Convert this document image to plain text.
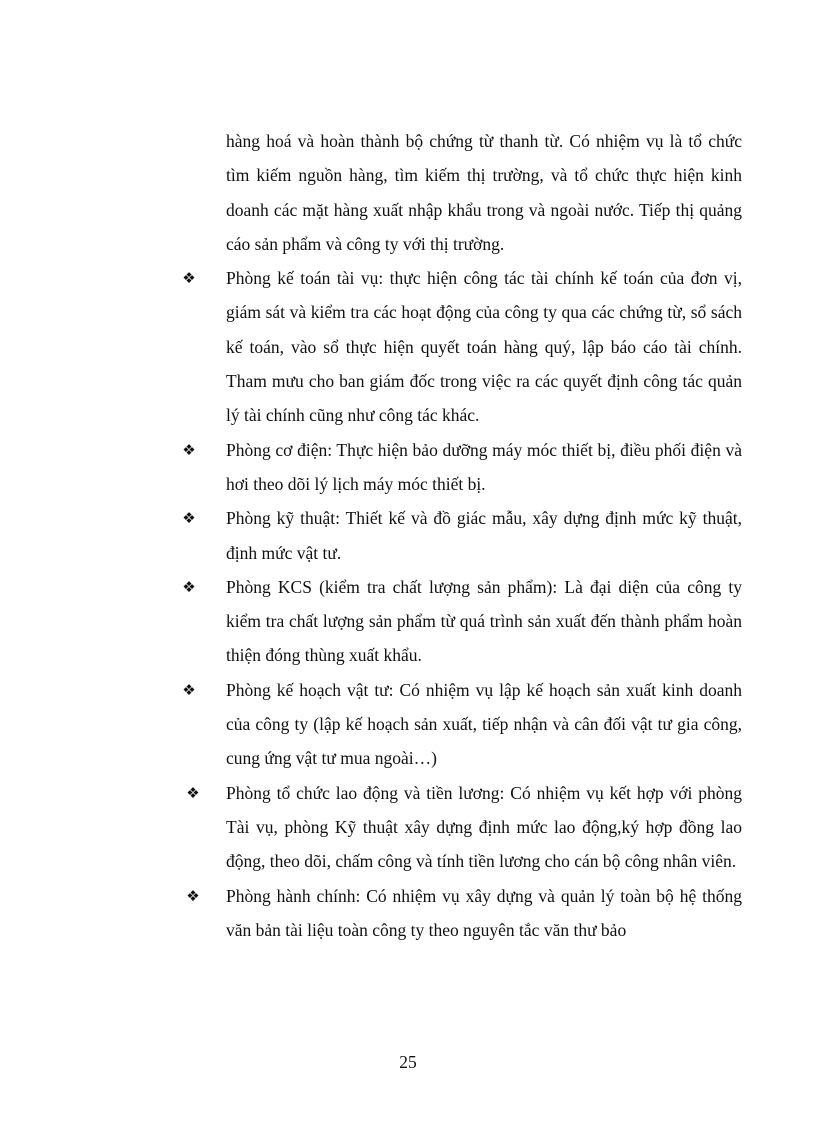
hàng hoá và hoàn thành bộ chứng từ thanh từ. Có nhiệm vụ là tổ chức tìm kiếm nguồn hàng, tìm kiếm thị trường, và tổ chức thực hiện kinh doanh các mặt hàng xuất nhập khẩu trong và ngoài nước. Tiếp thị quảng cáo sản phẩm và công ty với thị trường.

❖ Phòng kế toán tài vụ: thực hiện công tác tài chính kế toán của đơn vị, giám sát và kiểm tra các hoạt động của công ty qua các chứng từ, sổ sách kế toán, vào sổ thực hiện quyết toán hàng quý, lập báo cáo tài chính. Tham mưu cho ban giám đốc trong việc ra các quyết định công tác quản lý tài chính cũng như công tác khác.

❖ Phòng cơ điện: Thực hiện bảo dưỡng máy móc thiết bị, điều phối điện và hơi theo dõi lý lịch máy móc thiết bị.

❖ Phòng kỹ thuật: Thiết kế và đồ giác mẫu, xây dựng định mức kỹ thuật, định mức vật tư.

❖ Phòng KCS (kiểm tra chất lượng sản phẩm): Là đại diện của công ty kiểm tra chất lượng sản phẩm từ quá trình sản xuất đến thành phẩm hoàn thiện đóng thùng xuất khẩu.

❖ Phòng kế hoạch vật tư: Có nhiệm vụ lập kế hoạch sản xuất kinh doanh của công ty (lập kế hoạch sản xuất, tiếp nhận và cân đối vật tư gia công, cung ứng vật tư mua ngoài…)

❖ Phòng tổ chức lao động và tiền lương: Có nhiệm vụ kết hợp với phòng Tài vụ, phòng Kỹ thuật xây dựng định mức lao động,ký hợp đồng lao động, theo dõi, chấm công và tính tiền lương cho cán bộ công nhân viên.

❖ Phòng hành chính: Có nhiệm vụ xây dựng và quản lý toàn bộ hệ thống văn bản tài liệu toàn công ty theo nguyên tắc văn thư bảo

25
